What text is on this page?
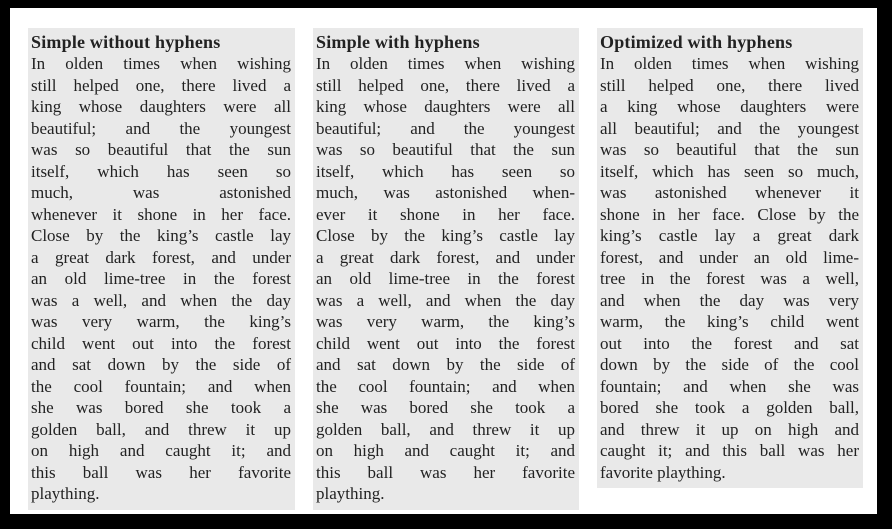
Simple without hyphens
In olden times when wishing
still helped one, there lived a
king whose daughters were all
beautiful; and the youngest
was so beautiful that the sun
itself, which has seen so
much, was astonished
whenever it shone in her face.
Close by the king’s castle lay
a great dark forest, and under
an old lime-tree in the forest
was a well, and when the day
was very warm, the king’s
child went out into the forest
and sat down by the side of
the cool fountain; and when
she was bored she took a
golden ball, and threw it up
on high and caught it; and
this ball was her favorite
plaything.
Simple with hyphens
In olden times when wishing
still helped one, there lived a
king whose daughters were all
beautiful; and the youngest
was so beautiful that the sun
itself, which has seen so
much, was astonished when-
ever it shone in her face.
Close by the king’s castle lay
a great dark forest, and under
an old lime-tree in the forest
was a well, and when the day
was very warm, the king’s
child went out into the forest
and sat down by the side of
the cool fountain; and when
she was bored she took a
golden ball, and threw it up
on high and caught it; and
this ball was her favorite
plaything.
Optimized with hyphens
In olden times when wishing
still helped one, there lived
a king whose daughters were
all beautiful; and the youngest
was so beautiful that the sun
itself, which has seen so much,
was astonished whenever it
shone in her face. Close by the
king’s castle lay a great dark
forest, and under an old lime-
tree in the forest was a well,
and when the day was very
warm, the king’s child went
out into the forest and sat
down by the side of the cool
fountain; and when she was
bored she took a golden ball,
and threw it up on high and
caught it; and this ball was her
favorite plaything.
